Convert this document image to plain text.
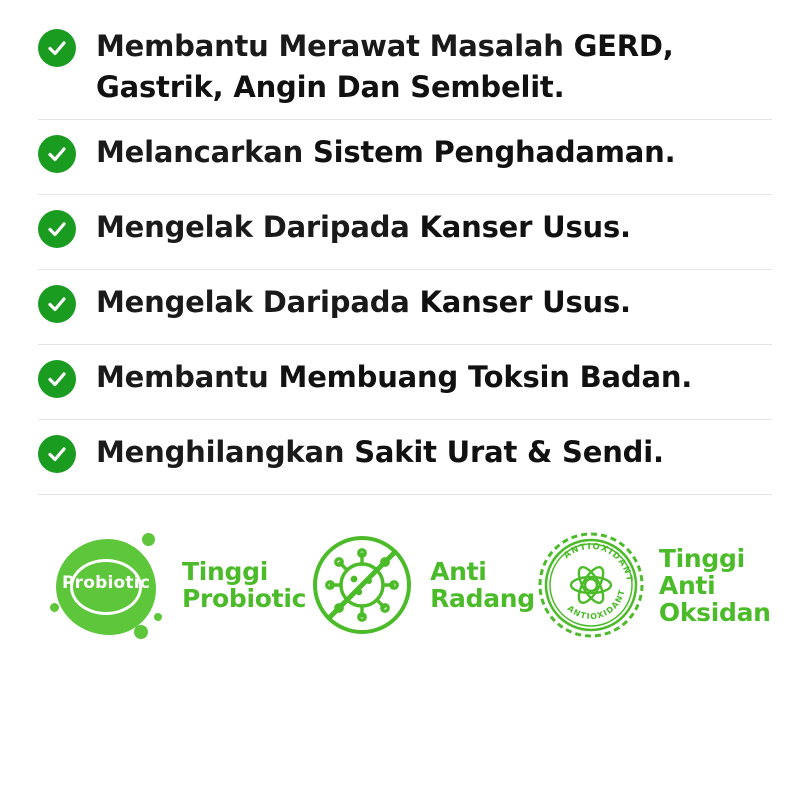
Membantu Merawat Masalah GERD, Gastrik, Angin Dan Sembelit.
Melancarkan Sistem Penghadaman.
Mengelak Daripada Kanser Usus.
Mengelak Daripada Kanser Usus.
Membantu Membuang Toksin Badan.
Menghilangkan Sakit Urat & Sendi.
Probiotic	Tinggi
Probiotic
Anti
Radang
ANTIOXIDANT
ANTIOXIDANT
Tinggi
Anti
Oksidan
